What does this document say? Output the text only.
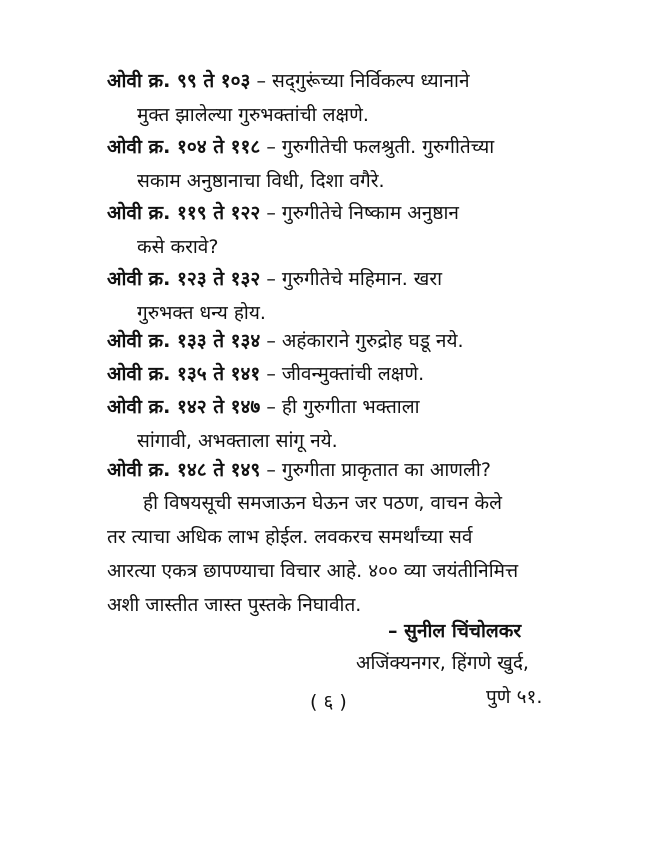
ओवी क्र. ९९ ते १०३ – सद्‌गुरूंच्या निर्विकल्प ध्यानाने
मुक्त झालेल्या गुरुभक्तांची लक्षणे.
ओवी क्र. १०४ ते ११८ – गुरुगीतेची फलश्रुती. गुरुगीतेच्या
सकाम अनुष्ठानाचा विधी, दिशा वगैरे.
ओवी क्र. ११९ ते १२२ – गुरुगीतेचे निष्काम अनुष्ठान
कसे करावे?
ओवी क्र. १२३ ते १३२ – गुरुगीतेचे महिमान. खरा
गुरुभक्त धन्य होय.
ओवी क्र. १३३ ते १३४ – अहंकाराने गुरुद्रोह घडू नये.
ओवी क्र. १३५ ते १४१ – जीवन्मुक्तांची लक्षणे.
ओवी क्र. १४२ ते १४७ – ही गुरुगीता भक्ताला
सांगावी, अभक्ताला सांगू नये.
ओवी क्र. १४८ ते १४९ – गुरुगीता प्राकृतात का आणली?
ही विषयसूची समजाऊन घेऊन जर पठण, वाचन केले
तर त्याचा अधिक लाभ होईल. लवकरच समर्थांच्या सर्व
आरत्या एकत्र छापण्याचा विचार आहे. ४०० व्या जयंतीनिमित्त
अशी जास्तीत जास्त पुस्तके निघावीत.
– सुनील चिंचोलकर
अजिंक्यनगर, हिंगणे खुर्द,
पुणे ५१.
( ६ )
